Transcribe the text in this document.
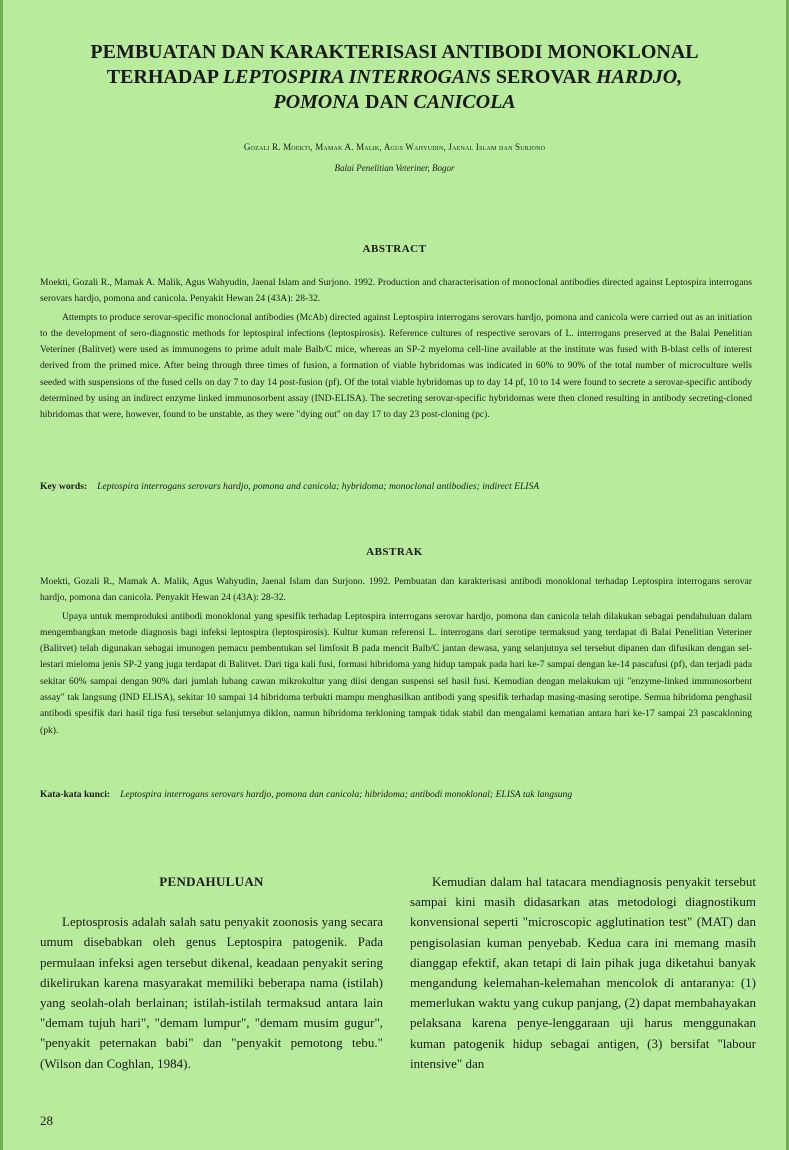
PEMBUATAN DAN KARAKTERISASI ANTIBODI MONOKLONAL
TERHADAP LEPTOSPIRA INTERROGANS SEROVAR HARDJO,
POMONA DAN CANICOLA
Gozali R. Moekti, Mamak A. Malik, Agus Wahyudin, Jaenal Islam dan Surjono
Balai Penelitian Veteriner, Bogor
ABSTRACT

Moekti, Gozali R., Mamak A. Malik, Agus Wahyudin, Jaenal Islam and Surjono. 1992. Production and characterisation of monoclonal antibodies directed against Leptospira interrogans serovars hardjo, pomona and canicola. Penyakit Hewan 24 (43A): 28-32.

Attempts to produce serovar-specific monoclonal antibodies (McAb) directed against Leptospira interrogans serovars hardjo, pomona and canicola were carried out as an initiation to the development of sero-diagnostic methods for leptospiral infections (leptospirosis). Reference cultures of respective serovars of L. interrogans preserved at the Balai Penelitian Veteriner (Balitvet) were used as immunogens to prime adult male Balb/C mice, whereas an SP-2 myeloma cell-line available at the institute was fused with B-blast cells of interest derived from the primed mice. After being through three times of fusion, a formation of viable hybridomas was indicated in 60% to 90% of the total number of microculture wells seeded with suspensions of the fused cells on day 7 to day 14 post-fusion (pf). Of the total viable hybridomas up to day 14 pf, 10 to 14 were found to secrete a serovar-specific antibody determined by using an indirect enzyme linked immunosorbent assay (IND-ELISA). The secreting serovar-specific hybridomas were then cloned resulting in antibody secreting-cloned hibridomas that were, however, found to be unstable, as they were "dying out" on day 17 to day 23 post-cloning (pc).

Key words: Leptospira interrogans serovars hardjo, pomona and canicola; hybridoma; monoclonal antibodies; indirect ELISA
ABSTRAK

Moekti, Gozali R., Mamak A. Malik, Agus Wahyudin, Jaenal Islam dan Surjono. 1992. Pembuatan dan karakterisasi antibodi monoklonal terhadap Leptospira interrogans serovar hardjo, pomona dan canicola. Penyakit Hewan 24 (43A): 28-32.

Upaya untuk memproduksi antibodi monoklonal yang spesifik terhadap Leptospira interrogans serovar hardjo, pomona dan canicola telah dilakukan sebagai pendahuluan dalam mengembangkan metode diagnosis bagi infeksi leptospira (leptospirosis). Kultur kuman referensi L. interrogans dari serotipe termaksud yang terdapat di Balai Penelitian Veteriner (Balitvet) telah digunakan sebagai imunogen pemacu pembentukan sel limfosit B pada mencit Balb/C jantan dewasa, yang selanjutnya sel tersebut dipanen dan difusikan dengan sel-lestari mieloma jenis SP-2 yang juga terdapat di Balitvet. Dari tiga kali fusi, formasi hibridoma yang hidup tampak pada hari ke-7 sampai dengan ke-14 pascafusi (pf), dan terjadi pada sekitar 60% sampai dengan 90% dari jumlah lubang cawan mikrokultur yang diisi dengan suspensi sel hasil fusi. Kemudian dengan melakukan uji "enzyme-linked immunosorbent assay" tak langsung (IND ELISA), sekitar 10 sampai 14 hibridoma terbukti mampu menghasilkan antibodi yang spesifik terhadap masing-masing serotipe. Semua hibridoma penghasil antibodi spesifik dari hasil tiga fusi tersebut selanjutnya diklon, namun hibridoma terkloning tampak tidak stabil dan mengalami kematian antara hari ke-17 sampai 23 pascakloning (pk).

Kata-kata kunci: Leptospira interrogans serovars hardjo, pomona dan canicola; hibridoma; antibodi monoklonal; ELISA tak langsung
PENDAHULUAN

Leptosprosis adalah salah satu penyakit zoonosis yang secara umum disebabkan oleh genus Leptospira patogenik. Pada permulaan infeksi agen tersebut dikenal, keadaan penyakit sering dikelirukan karena masyarakat memiliki beberapa nama (istilah) yang seolah-olah berlainan; istilah-istilah termaksud antara lain "demam tujuh hari", "demam lumpur", "demam musim gugur", "penyakit peternakan babi" dan "penyakit pemotong tebu." (Wilson dan Coghlan, 1984).

Kemudian dalam hal tatacara mendiagnosis penyakit tersebut sampai kini masih didasarkan atas metodologi diagnostikum konvensional seperti "microscopic agglutination test" (MAT) dan pengisolasian kuman penyebab. Kedua cara ini memang masih dianggap efektif, akan tetapi di lain pihak juga diketahui banyak mengandung kelemahan-kelemahan mencolok di antaranya: (1) memerlukan waktu yang cukup panjang, (2) dapat membahayakan pelaksana karena penye-lenggaraan uji harus menggunakan kuman patogenik hidup sebagai antigen, (3) bersifat "labour intensive" dan

28
